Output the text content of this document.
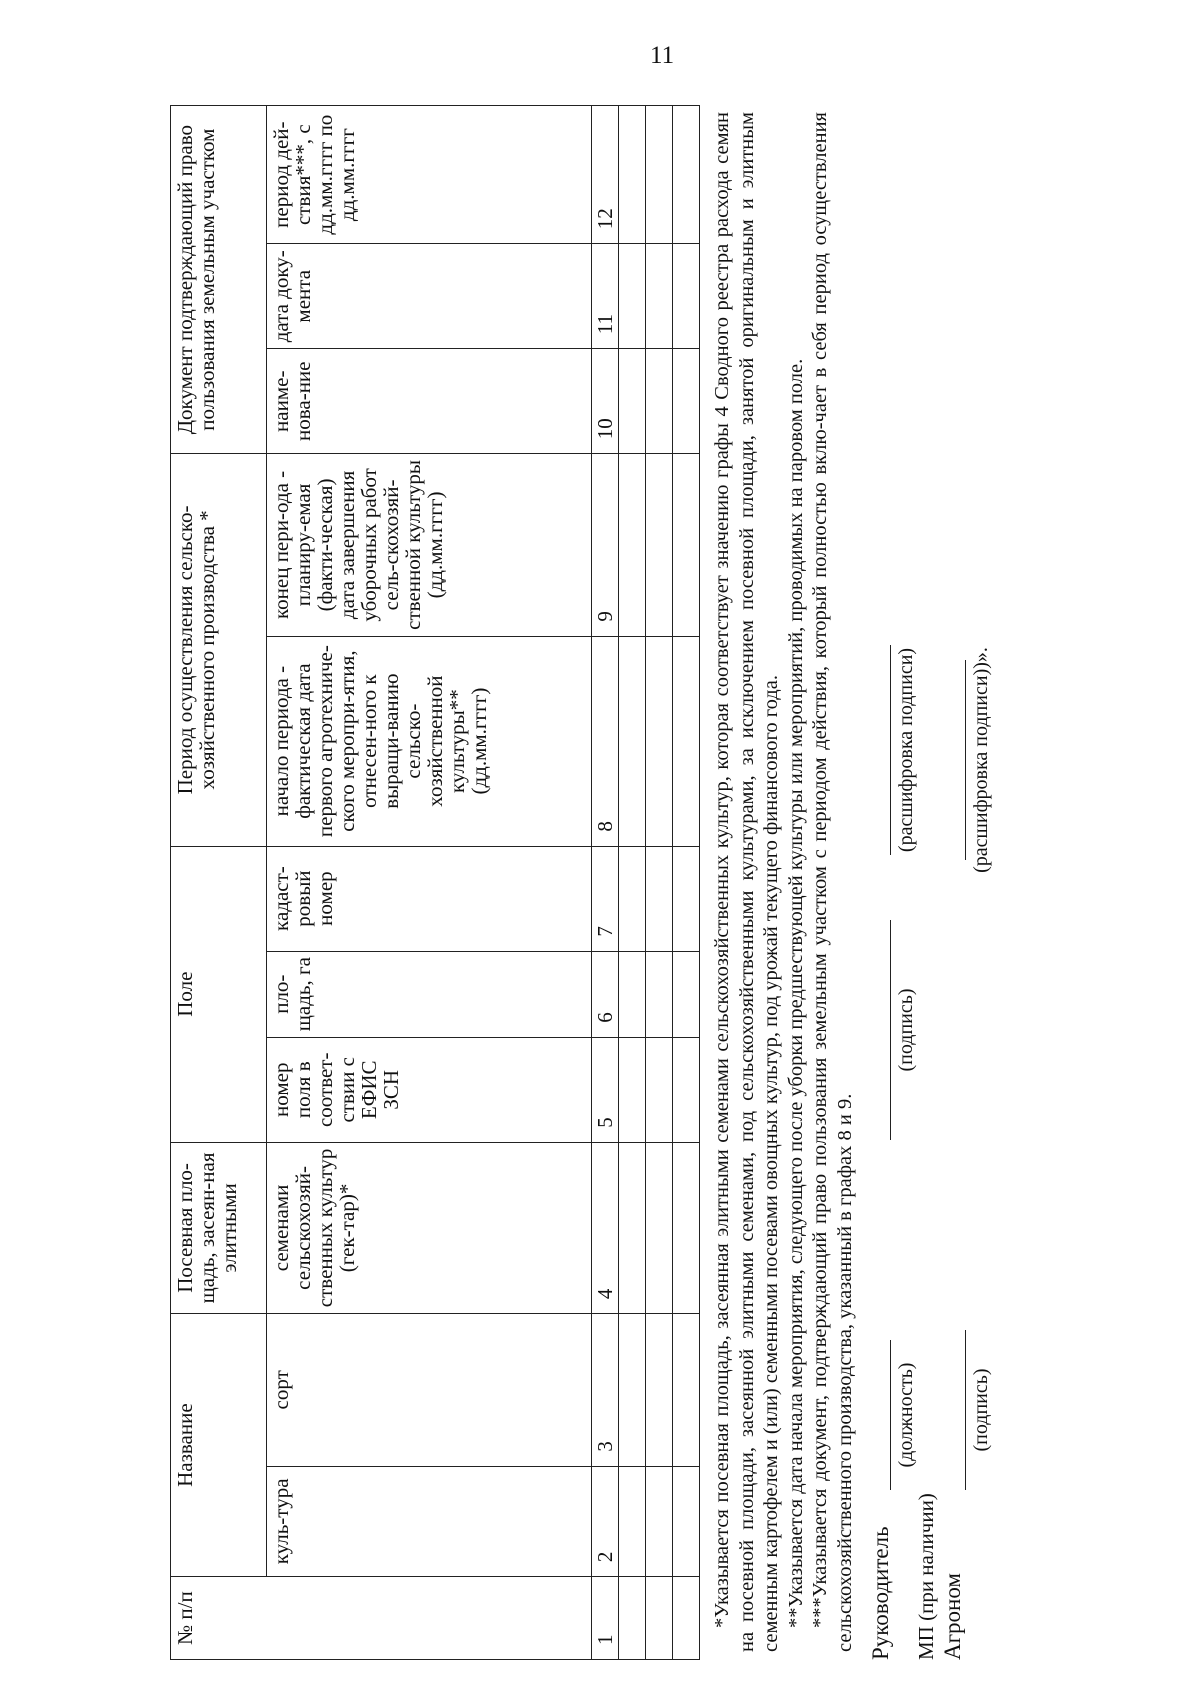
11
№ п/п	Название		Посевная пло-щадь, засеян-ная элитными	Поле			Период осуществления сельско-хозяйственного производства *		Документ подтверждающий право пользования земельным участком		
	куль-тура	сорт	семенами сельскохозяй-ственных культур (гек-тар)*	номер поля в соответ-ствии с ЕФИС ЗСН	пло-щадь, га	кадаст-ровый номер	начало периода - фактическая дата первого агротехниче-ского меропри-ятия, отнесен-ного к выращи-ванию сельско-хозяйственной культуры** (дд.мм.гггг)	конец пери-ода - планиру-емая (факти-ческая) дата завершения уборочных работ сель-скохозяй-ственной культуры (дд.мм.гггг)	наиме-нова-ние	дата доку-мента	период дей-ствия***, с дд.мм.гггг по дд.мм.гггг
1	2	3	4	5	6	7	8	9	10	11	12

												*Указывается посевная площадь, засеянная элитными семенами сельскохозяйственных культур, которая соответствует значению графы 4 Сводного реестра расхода семян на посевной площади, засеянной элитными семенами, под сельскохозяйственными культурами, за исключением посевной площади, занятой оригинальным и элитным семенным картофелем и (или) семенными посевами овощных культур, под урожай текущего финансового года. **Указывается дата начала мероприятия, следующего после уборки предшествующей культуры или мероприятий, проводимых на паровом поле. ***Указывается документ, подтверждающий право пользования земельным участком с периодом действия, который полностью вклю-чает в себя период осуществления сельскохозяйственного производства, указанный в графах 8 и 9. Руководитель
(должность)
(подпись)
(расшифровка подписи)
МП (при наличии) Агроном
(подпись)
(расшифровка подписи))».
